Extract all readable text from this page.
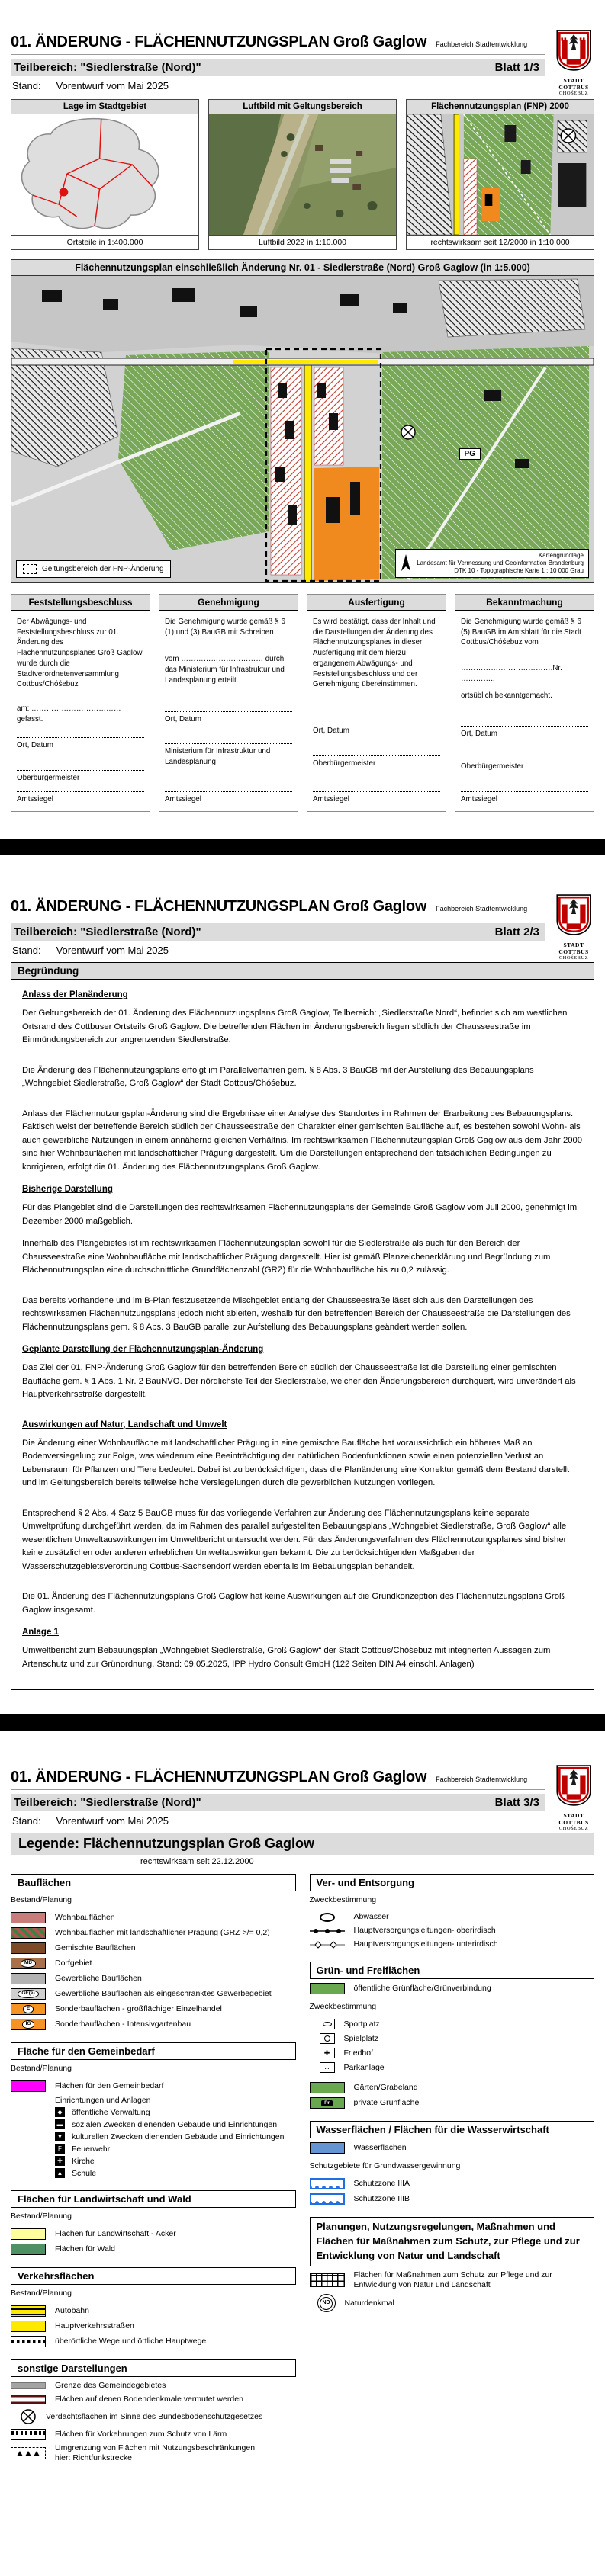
01. ÄNDERUNG - FLÄCHENNUTZUNGSPLAN Groß Gaglow Fachbereich Stadtentwicklung
Teilbereich: "Siedlerstraße (Nord)"	Blatt 1/3
Stand: Vorentwurf vom Mai 2025	STADT COTTBUS
CHOŚEBUZ
Lage im Stadtgebiet
Ortsteile in 1:400.000
Luftbild mit Geltungsbereich
Luftbild 2022 in 1:10.000
Flächennutzungsplan (FNP) 2000
rechtswirksam seit 12/2000 in 1:10.000
Flächennutzungsplan einschließlich Änderung Nr. 01 - Siedlerstraße (Nord) Groß Gaglow (in 1:5.000)
PG
Geltungsbereich der FNP-Änderung
Kartengrundlage
Landesamt für Vermessung und Geoinformation Brandenburg
DTK 10 - Topographische Karte 1 : 10 000 Grau
Feststellungsbeschluss

Der Abwägungs- und Feststellungsbeschluss zur 01. Änderung des Flächennutzungsplanes Groß Gaglow wurde durch die Stadtverordnetenversammlung Cottbus/Chóśebuz

am: ………………………………gefasst.

Ort, Datum
Oberbürgermeister
Amtssiegel
Genehmigung

Die Genehmigung wurde gemäß § 6 (1) und (3) BauGB mit Schreiben

vom …………………………… durch das Ministerium für Infrastruktur und Landesplanung erteilt.

Ort, Datum
Ministerium für Infrastruktur und Landesplanung
Amtssiegel
Ausfertigung

Es wird bestätigt, dass der Inhalt und die Darstellungen der Änderung des Flächennutzungsplanes in dieser Ausfertigung mit dem hierzu ergangenem Abwägungs- und Feststellungsbeschluss und der Genehmigung übereinstimmen.

Ort, Datum
Oberbürgermeister
Amtssiegel
Bekanntmachung

Die Genehmigung wurde gemäß § 6 (5) BauGB im Amtsblatt für die Stadt Cottbus/Chóśebuz vom

……………………………….Nr. …………..

ortsüblich bekanntgemacht.

Ort, Datum
Oberbürgermeister
Amtssiegel
01. ÄNDERUNG - FLÄCHENNUTZUNGSPLAN Groß Gaglow Fachbereich Stadtentwicklung
Teilbereich: "Siedlerstraße (Nord)"	Blatt 2/3
Stand: Vorentwurf vom Mai 2025	STADT COTTBUS
CHOŚEBUZ
Begründung
Anlass der Planänderung

Der Geltungsbereich der 01. Änderung des Flächennutzungsplans Groß Gaglow, Teilbereich: „Siedlerstraße Nord“, befindet sich am westlichen Ortsrand des Cottbuser Ortsteils Groß Gaglow. Die betreffenden Flächen im Änderungsbereich liegen südlich der Chausseestraße im Einmündungsbereich zur angrenzenden Siedlerstraße.

Die Änderung des Flächennutzungsplans erfolgt im Parallelverfahren gem. § 8 Abs. 3 BauGB mit der Aufstellung des Bebauungsplans „Wohngebiet Siedlerstraße, Groß Gaglow“ der Stadt Cottbus/Chóśebuz.

Anlass der Flächennutzungsplan-Änderung sind die Ergebnisse einer Analyse des Standortes im Rahmen der Erarbeitung des Bebauungsplans. Faktisch weist der betreffende Bereich südlich der Chausseestraße den Charakter einer gemischten Baufläche auf, es bestehen sowohl Wohn- als auch gewerbliche Nutzungen in einem annähernd gleichen Verhältnis. Im rechtswirksamen Flächennutzungsplan Groß Gaglow aus dem Jahr 2000 sind hier Wohnbauflächen mit landschaftlicher Prägung dargestellt. Um die Darstellungen entsprechend den tatsächlichen Bedingungen zu korrigieren, erfolgt die 01. Änderung des Flächennutzungsplans Groß Gaglow.

Bisherige Darstellung

Für das Plangebiet sind die Darstellungen des rechtswirksamen Flächennutzungsplans der Gemeinde Groß Gaglow vom Juli 2000, genehmigt im Dezember 2000 maßgeblich.

Innerhalb des Plangebietes ist im rechtswirksamen Flächennutzungsplan sowohl für die Siedlerstraße als auch für den Bereich der Chausseestraße eine Wohnbaufläche mit landschaftlicher Prägung dargestellt. Hier ist gemäß Planzeichenerklärung und Begründung zum Flächennutzungsplan eine durchschnittliche Grundflächenzahl (GRZ) für die Wohnbaufläche bis zu 0,2 zulässig.

Das bereits vorhandene und im B-Plan festzusetzende Mischgebiet entlang der Chausseestraße lässt sich aus den Darstellungen des rechtswirksamen Flächennutzungsplans jedoch nicht ableiten, weshalb für den betreffenden Bereich der Chausseestraße die Darstellungen des Flächennutzungsplans gem. § 8 Abs. 3 BauGB parallel zur Aufstellung des Bebauungsplans geändert werden sollen.

Geplante Darstellung der Flächennutzungsplan-Änderung

Das Ziel der 01. FNP-Änderung Groß Gaglow für den betreffenden Bereich südlich der Chausseestraße ist die Darstellung einer gemischten Baufläche gem. § 1 Abs. 1 Nr. 2 BauNVO. Der nördlichste Teil der Siedlerstraße, welcher den Änderungsbereich durchquert, wird unverändert als Hauptverkehrsstraße dargestellt.

Auswirkungen auf Natur, Landschaft und Umwelt

Die Änderung einer Wohnbaufläche mit landschaftlicher Prägung in eine gemischte Baufläche hat voraussichtlich ein höheres Maß an Bodenversiegelung zur Folge, was wiederum eine Beeinträchtigung der natürlichen Bodenfunktionen sowie einen potenziellen Verlust an Lebensraum für Pflanzen und Tiere bedeutet. Dabei ist zu berücksichtigen, dass die Planänderung eine Korrektur gemäß dem Bestand darstellt und im Geltungsbereich bereits teilweise hohe Versiegelungen durch die gewerblichen Nutzungen vorliegen.

Entsprechend § 2 Abs. 4 Satz 5 BauGB muss für das vorliegende Verfahren zur Änderung des Flächennutzungsplans keine separate Umweltprüfung durchgeführt werden, da im Rahmen des parallel aufgestellten Bebauungsplans „Wohngebiet Siedlerstraße, Groß Gaglow“ alle wesentlichen Umweltauswirkungen im Umweltbericht untersucht werden. Für das Änderungsverfahren des Flächennutzungsplanes sind bisher keine zusätzlichen oder anderen erheblichen Umweltauswirkungen bekannt. Die zu berücksichtigenden Maßgaben der Wasserschutzgebietsverordnung Cottbus-Sachsendorf werden ebenfalls im Bebauungsplan behandelt.

Die 01. Änderung des Flächennutzungsplans Groß Gaglow hat keine Auswirkungen auf die Grundkonzeption des Flächennutzungsplans Groß Gaglow insgesamt.

Anlage 1

Umweltbericht zum Bebauungsplan „Wohngebiet Siedlerstraße, Groß Gaglow“ der Stadt Cottbus/Chóśebuz mit integrierten Aussagen zum Artenschutz und zur Grünordnung, Stand: 09.05.2025, IPP Hydro Consult GmbH (122 Seiten DIN A4 einschl. Anlagen)

01. ÄNDERUNG - FLÄCHENNUTZUNGSPLAN Groß Gaglow Fachbereich Stadtentwicklung
Teilbereich: "Siedlerstraße (Nord)"	Blatt 3/3
Stand: Vorentwurf vom Mai 2025	STADT COTTBUS
CHOŚEBUZ
Legende: Flächennutzungsplan Groß Gaglow
rechtswirksam seit 22.12.2000
Bauflächen
Bestand/Planung
Wohnbauflächen
Wohnbauflächen mit landschaftlicher Prägung (GRZ >/= 0,2)
Gemischte Bauflächen
MD	Dorfgebiet
Gewerbliche Bauflächen
GE(e)	Gewerbliche Bauflächen als eingeschränktes Gewerbegebiet
E	Sonderbauflächen - großflächiger Einzelhandel
IG	Sonderbauflächen - Intensivgartenbau
Fläche für den Gemeinbedarf
Bestand/Planung
Flächen für den Gemeinbedarf
Einrichtungen und Anlagen
◆	öffentliche Verwaltung
▬ sozialen Zwecken dienenden Gebäude und Einrichtungen
▼ kulturellen Zwecken dienenden Gebäude und Einrichtungen
F	Feuerwehr
✚	Kirche
▲ Schule
Flächen für Landwirtschaft und Wald
Bestand/Planung
Flächen für Landwirtschaft - Acker
Flächen für Wald
Verkehrsflächen
Bestand/Planung
Autobahn
Hauptverkehrsstraßen
überörtliche Wege und örtliche Hauptwege
sonstige Darstellungen
Grenze des Gemeindegebietes
Flächen auf denen Bodendenkmale vermutet werden
Verdachtsflächen im Sinne des Bundesbodenschutzgesetzes
Flächen für Vorkehrungen zum Schutz von Lärm
Umgrenzung von Flächen mit Nutzungsbeschränkungen
hier: Richtfunkstrecke
Ver- und Entsorgung
Zweckbestimmung
Abwasser
Hauptversorgungsleitungen- oberirdisch
Hauptversorgungsleitungen- unterirdisch
Grün- und Freiflächen
öffentliche Grünfläche/Grünverbindung
Zweckbestimmung
Sportplatz
Spielplatz
✚	Friedhof
∴	Parkanlage
Gärten/Grabeland
Pr	private Grünfläche
Wasserflächen / Flächen für die Wasserwirtschaft
Wasserflächen
Schutzgebiete für Grundwassergewinnung
Schutzzone IIIA
Schutzzone IIIB
Planungen, Nutzungsregelungen, Maßnahmen und Flächen für Maßnahmen zum Schutz, zur Pflege und zur Entwicklung von Natur und Landschaft
Flächen für Maßnahmen zum Schutz zur Pflege und zur Entwicklung von Natur und Landschaft
ND	Naturdenkmal
